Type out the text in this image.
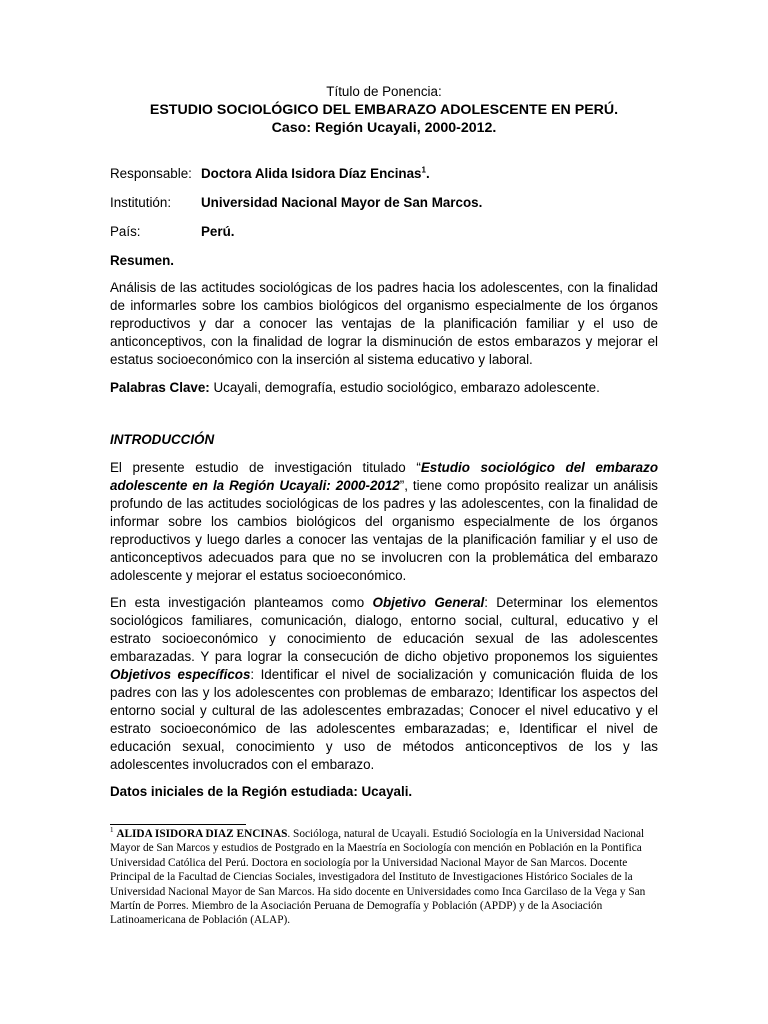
Título de Ponencia:

ESTUDIO SOCIOLÓGICO DEL EMBARAZO ADOLESCENTE EN PERÚ.

Caso: Región Ucayali, 2000-2012.

Responsable: Doctora Alida Isidora Díaz Encinas$^1$.
Institutión: Universidad Nacional Mayor de San Marcos.
País:	Perú.

Resumen.

Análisis de las actitudes sociológicas de los padres hacia los adolescentes, con la finalidad de informarles sobre los cambios biológicos del organismo especialmente de los órganos reproductivos y dar a conocer las ventajas de la planificación familiar y el uso de anticonceptivos, con la finalidad de lograr la disminución de estos embarazos y mejorar el estatus socioeconómico con la inserción al sistema educativo y laboral.

Palabras Clave: Ucayali, demografía, estudio sociológico, embarazo adolescente.

INTRODUCCIÓN

El presente estudio de investigación titulado “Estudio sociológico del embarazo adolescente en la Región Ucayali: 2000-2012”, tiene como propósito realizar un análisis profundo de las actitudes sociológicas de los padres y las adolescentes, con la finalidad de informar sobre los cambios biológicos del organismo especialmente de los órganos reproductivos y luego darles a conocer las ventajas de la planificación familiar y el uso de anticonceptivos adecuados para que no se involucren con la problemática del embarazo adolescente y mejorar el estatus socioeconómico.

En esta investigación planteamos como Objetivo General: Determinar los elementos sociológicos familiares, comunicación, dialogo, entorno social, cultural, educativo y el estrato socioeconómico y conocimiento de educación sexual de las adolescentes embarazadas. Y para lograr la consecución de dicho objetivo proponemos los siguientes Objetivos específicos: Identificar el nivel de socialización y comunicación fluida de los padres con las y los adolescentes con problemas de embarazo; Identificar los aspectos del entorno social y cultural de las adolescentes embrazadas; Conocer el nivel educativo y el estrato socioeconómico de las adolescentes embarazadas; e, Identificar el nivel de educación sexual, conocimiento y uso de métodos anticonceptivos de los y las adolescentes involucrados con el embarazo.

Datos iniciales de la Región estudiada: Ucayali.

$^1$ ALIDA ISIDORA DIAZ ENCINAS. Socióloga, natural de Ucayali. Estudió Sociología en la Universidad Nacional Mayor de San Marcos y estudios de Postgrado en la Maestría en Sociología con mención en Población en la Pontifica Universidad Católica del Perú. Doctora en sociología por la Universidad Nacional Mayor de San Marcos. Docente Principal de la Facultad de Ciencias Sociales, investigadora del Instituto de Investigaciones Histórico Sociales de la Universidad Nacional Mayor de San Marcos. Ha sido docente en Universidades como Inca Garcilaso de la Vega y San Martín de Porres. Miembro de la Asociación Peruana de Demografía y Población (APDP) y de la Asociación Latinoamericana de Población (ALAP).
